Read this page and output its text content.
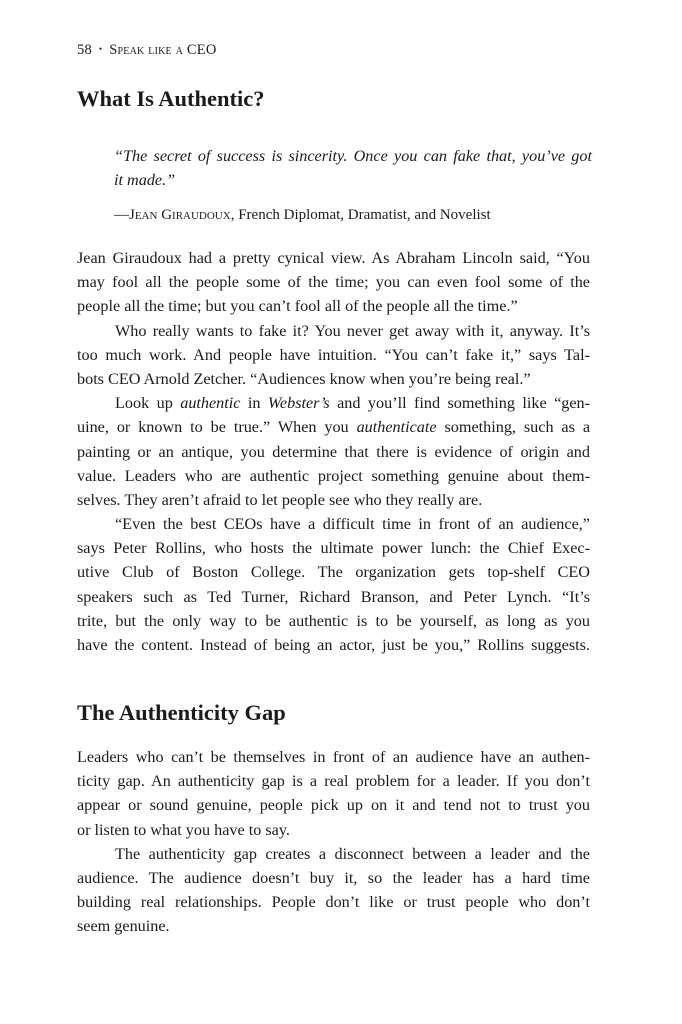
58 • Speak like a CEO
What Is Authentic?

“The secret of success is sincerity. Once you can fake that, you’ve got
it made.”

—Jean Giraudoux, French Diplomat, Dramatist, and Novelist

Jean Giraudoux had a pretty cynical view. As Abraham Lincoln said, “You
may fool all the people some of the time; you can even fool some of the
people all the time; but you can’t fool all of the people all the time.”
Who really wants to fake it? You never get away with it, anyway. It’s
too much work. And people have intuition. “You can’t fake it,” says Tal-
bots CEO Arnold Zetcher. “Audiences know when you’re being real.”
Look up authentic in Webster’s and you’ll find something like “gen-
uine, or known to be true.” When you authenticate something, such as a
painting or an antique, you determine that there is evidence of origin and
value. Leaders who are authentic project something genuine about them-
selves. They aren’t afraid to let people see who they really are.
“Even the best CEOs have a difficult time in front of an audience,”
says Peter Rollins, who hosts the ultimate power lunch: the Chief Exec-
utive Club of Boston College. The organization gets top-shelf CEO
speakers such as Ted Turner, Richard Branson, and Peter Lynch. “It’s
trite, but the only way to be authentic is to be yourself, as long as you
have the content. Instead of being an actor, just be you,” Rollins suggests.
The Authenticity Gap
Leaders who can’t be themselves in front of an audience have an authen-
ticity gap. An authenticity gap is a real problem for a leader. If you don’t
appear or sound genuine, people pick up on it and tend not to trust you
or listen to what you have to say.
The authenticity gap creates a disconnect between a leader and the
audience. The audience doesn’t buy it, so the leader has a hard time
building real relationships. People don’t like or trust people who don’t
seem genuine.
